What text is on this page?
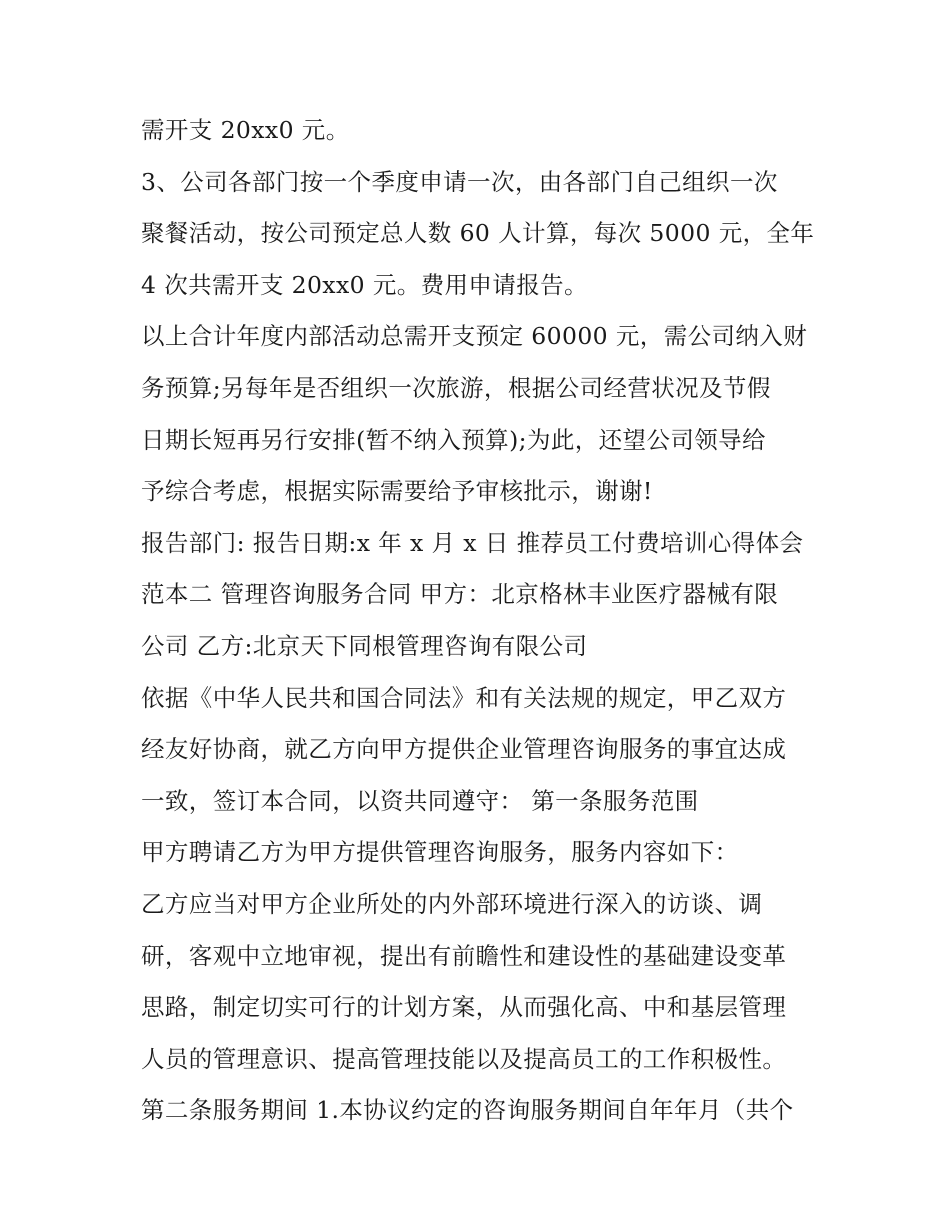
需开支 20xx0 元。
3、公司各部门按一个季度申请一次，由各部门自己组织一次
聚餐活动，按公司预定总人数 60 人计算，每次 5000 元，全年
4 次共需开支 20xx0 元。费用申请报告。
以上合计年度内部活动总需开支预定 60000 元，需公司纳入财
务预算;另每年是否组织一次旅游，根据公司经营状况及节假
日期长短再另行安排(暂不纳入预算);为此，还望公司领导给
予综合考虑，根据实际需要给予审核批示，谢谢!
报告部门: 报告日期:x 年 x 月 x 日 推荐员工付费培训心得体会
范本二 管理咨询服务合同 甲方：北京格林丰业医疗器械有限
公司 乙方:北京天下同根管理咨询有限公司
依据《中华人民共和国合同法》和有关法规的规定，甲乙双方
经友好协商，就乙方向甲方提供企业管理咨询服务的事宜达成
一致，签订本合同，以资共同遵守： 第一条服务范围
甲方聘请乙方为甲方提供管理咨询服务，服务内容如下：
乙方应当对甲方企业所处的内外部环境进行深入的访谈、调
研，客观中立地审视，提出有前瞻性和建设性的基础建设变革
思路，制定切实可行的计划方案，从而强化高、中和基层管理
人员的管理意识、提高管理技能以及提高员工的工作积极性。
第二条服务期间 1.本协议约定的咨询服务期间自年年月（共个
